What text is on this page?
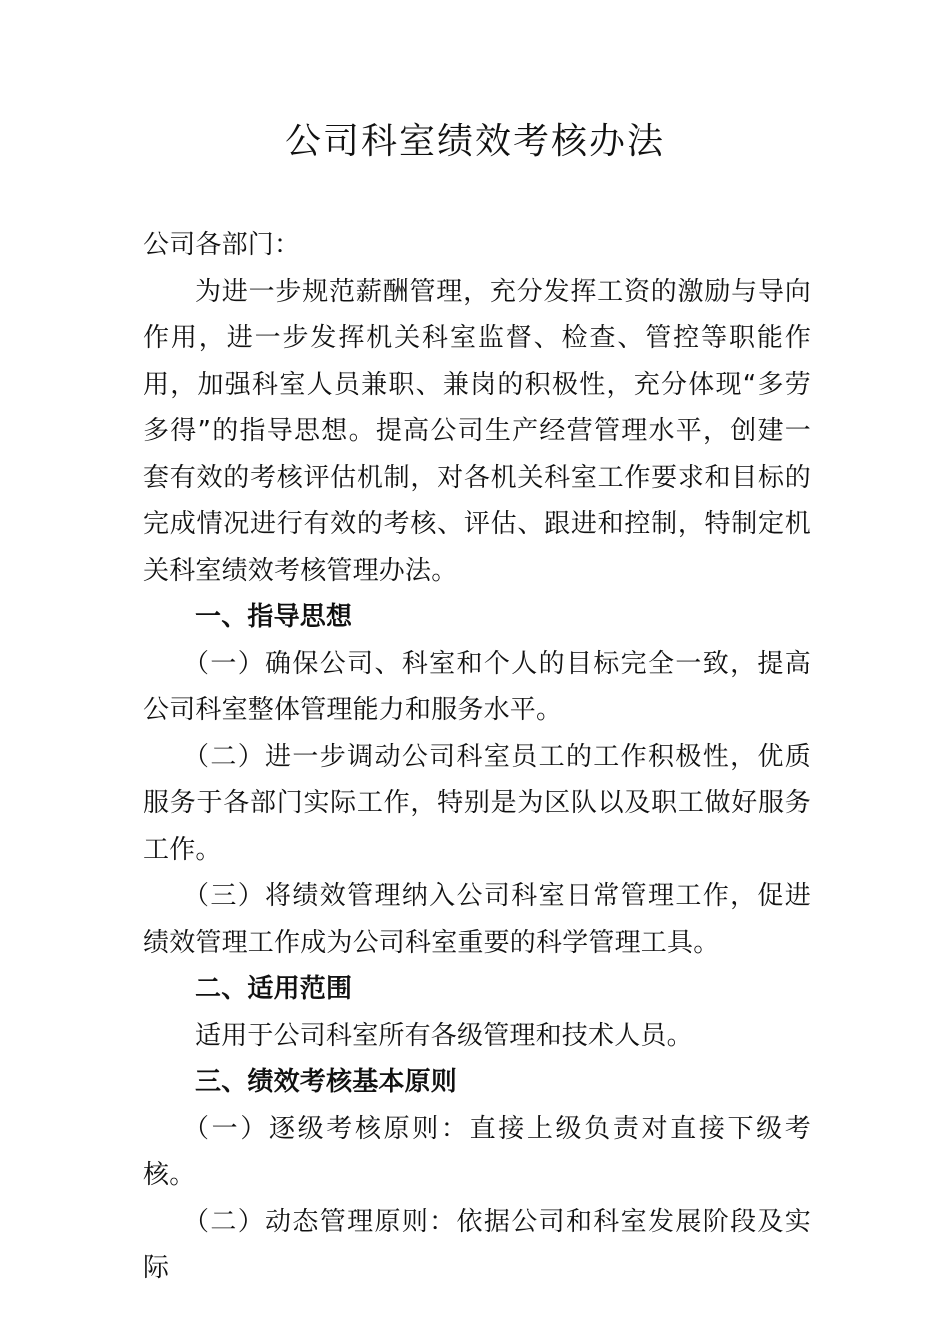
公司科室绩效考核办法

公司各部门：

为进一步规范薪酬管理，充分发挥工资的激励与导向作用，进一步发挥机关科室监督、检查、管控等职能作用，加强科室人员兼职、兼岗的积极性，充分体现“多劳多得”的指导思想。提高公司生产经营管理水平，创建一套有效的考核评估机制，对各机关科室工作要求和目标的完成情况进行有效的考核、评估、跟进和控制，特制定机关科室绩效考核管理办法。

一、指导思想

（一）确保公司、科室和个人的目标完全一致，提高公司科室整体管理能力和服务水平。

（二）进一步调动公司科室员工的工作积极性，优质服务于各部门实际工作，特别是为区队以及职工做好服务工作。

（三）将绩效管理纳入公司科室日常管理工作，促进绩效管理工作成为公司科室重要的科学管理工具。

二、适用范围

适用于公司科室所有各级管理和技术人员。

三、绩效考核基本原则

（一）逐级考核原则：直接上级负责对直接下级考核。

（二）动态管理原则：依据公司和科室发展阶段及实际
